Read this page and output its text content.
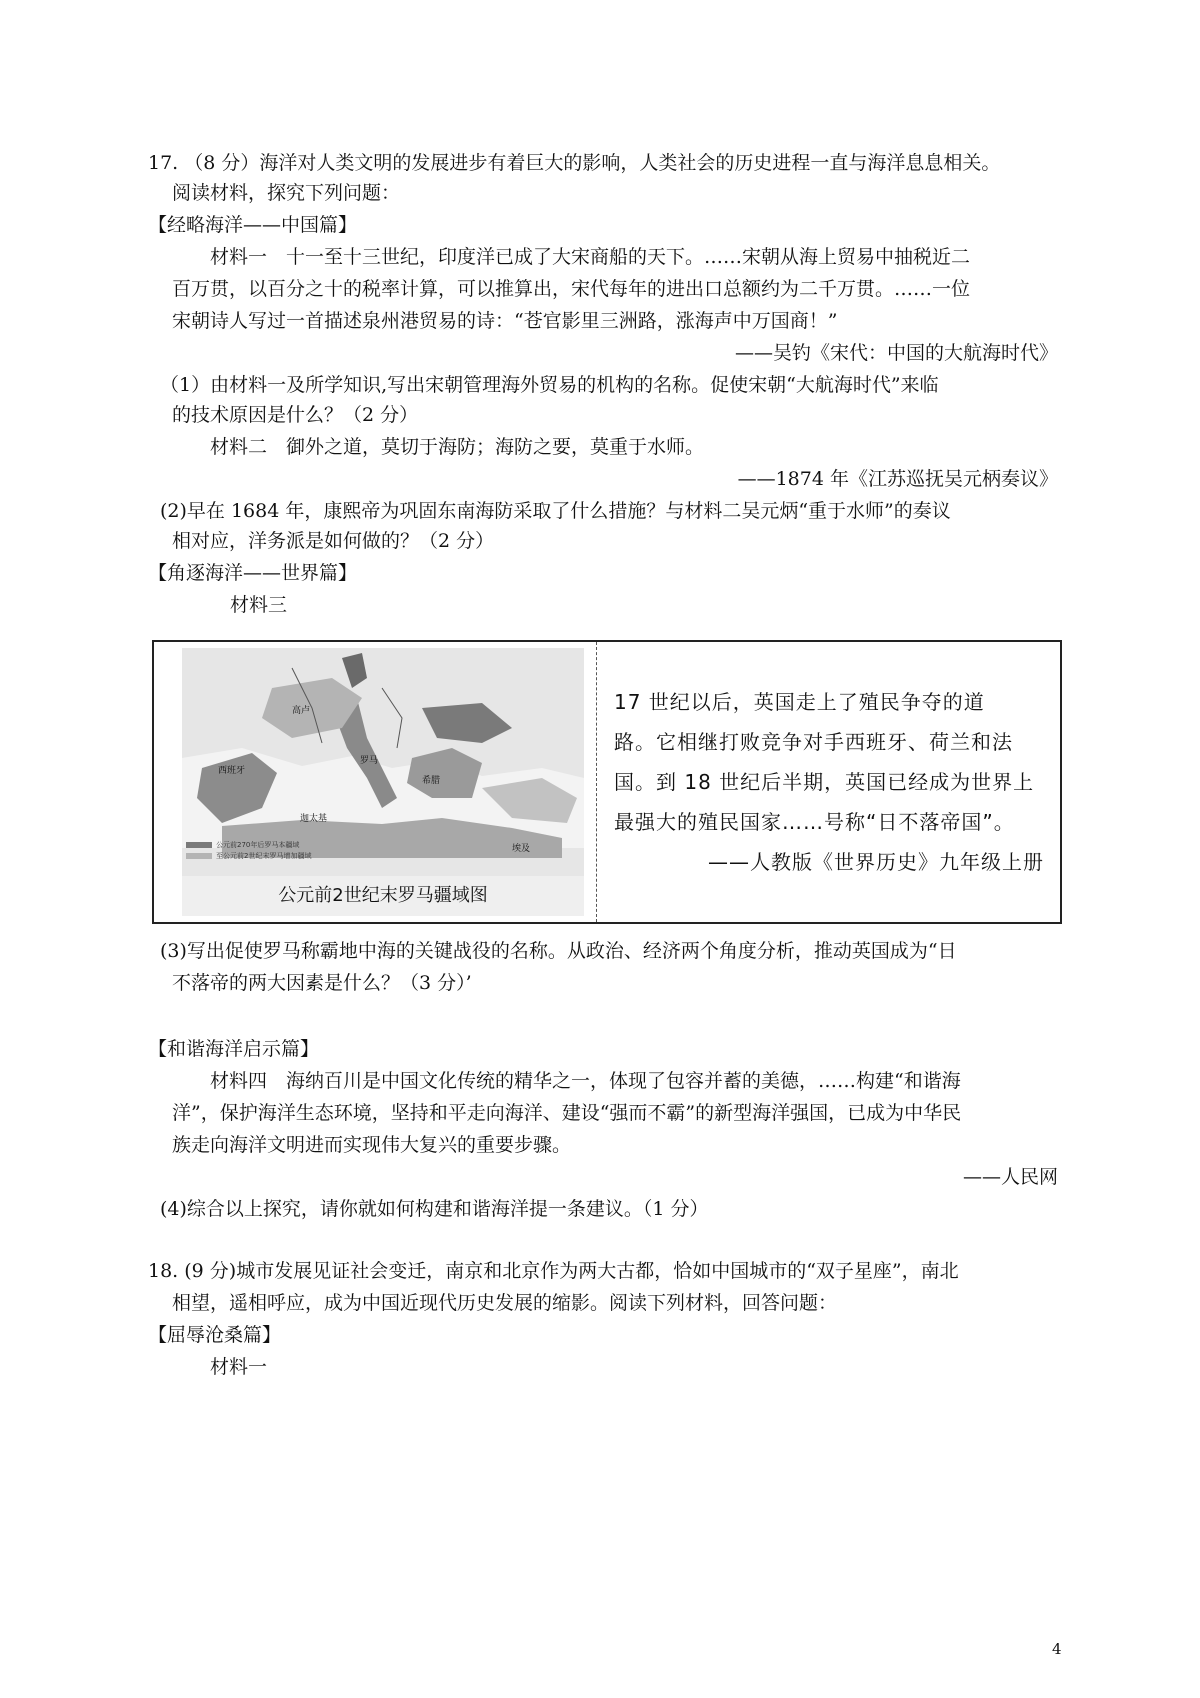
17. （8 分）海洋对人类文明的发展进步有着巨大的影响，人类社会的历史进程一直与海洋息息相关。
阅读材料，探究下列问题：
【经略海洋——中国篇】
材料一　十一至十三世纪，印度洋已成了大宋商船的天下。……宋朝从海上贸易中抽税近二
百万贯，以百分之十的税率计算，可以推算出，宋代每年的进出口总额约为二千万贯。……一位
宋朝诗人写过一首描述泉州港贸易的诗：“苍官影里三洲路，涨海声中万国商！”
——吴钓《宋代：中国的大航海时代》
（1）由材料一及所学知识,写出宋朝管理海外贸易的机构的名称。促使宋朝“大航海时代”来临
的技术原因是什么？（2 分）
材料二　御外之道，莫切于海防；海防之要，莫重于水师。
——1874 年《江苏巡抚吴元柄奏议》
(2)早在 1684 年，康熙帝为巩固东南海防采取了什么措施？与材料二吴元炳“重于水师”的奏议
相对应，洋务派是如何做的？（2 分）
【角逐海洋——世界篇】
材料三
西班牙
罗马
迦太基
高卢
埃及
希腊
公元前270年后罗马本疆域
至公元前2世纪末罗马增加疆域
公元前2世纪末罗马疆域图
17 世纪以后，英国走上了殖民争夺的道
路。它相继打败竞争对手西班牙、荷兰和法
国。到 18 世纪后半期，英国已经成为世界上
最强大的殖民国家……号称“日不落帝国”。
——人教版《世界历史》九年级上册
(3)写出促使罗马称霸地中海的关键战役的名称。从政治、经济两个角度分析，推动英国成为“日
不落帝的两大因素是什么？（3 分）’
【和谐海洋启示篇】
材料四　海纳百川是中国文化传统的精华之一，体现了包容并蓄的美德，……构建“和谐海
洋”，保护海洋生态环境，坚持和平走向海洋、建设“强而不霸”的新型海洋强国，已成为中华民
族走向海洋文明进而实现伟大复兴的重要步骤。
——人民网
(4)综合以上探究，请你就如何构建和谐海洋提一条建议。（1 分）
18. (9 分)城市发展见证社会变迁，南京和北京作为两大古都，恰如中国城市的“双子星座”，南北
相望，遥相呼应，成为中国近现代历史发展的缩影。阅读下列材料，回答问题：
【屈辱沧桑篇】
材料一
4
